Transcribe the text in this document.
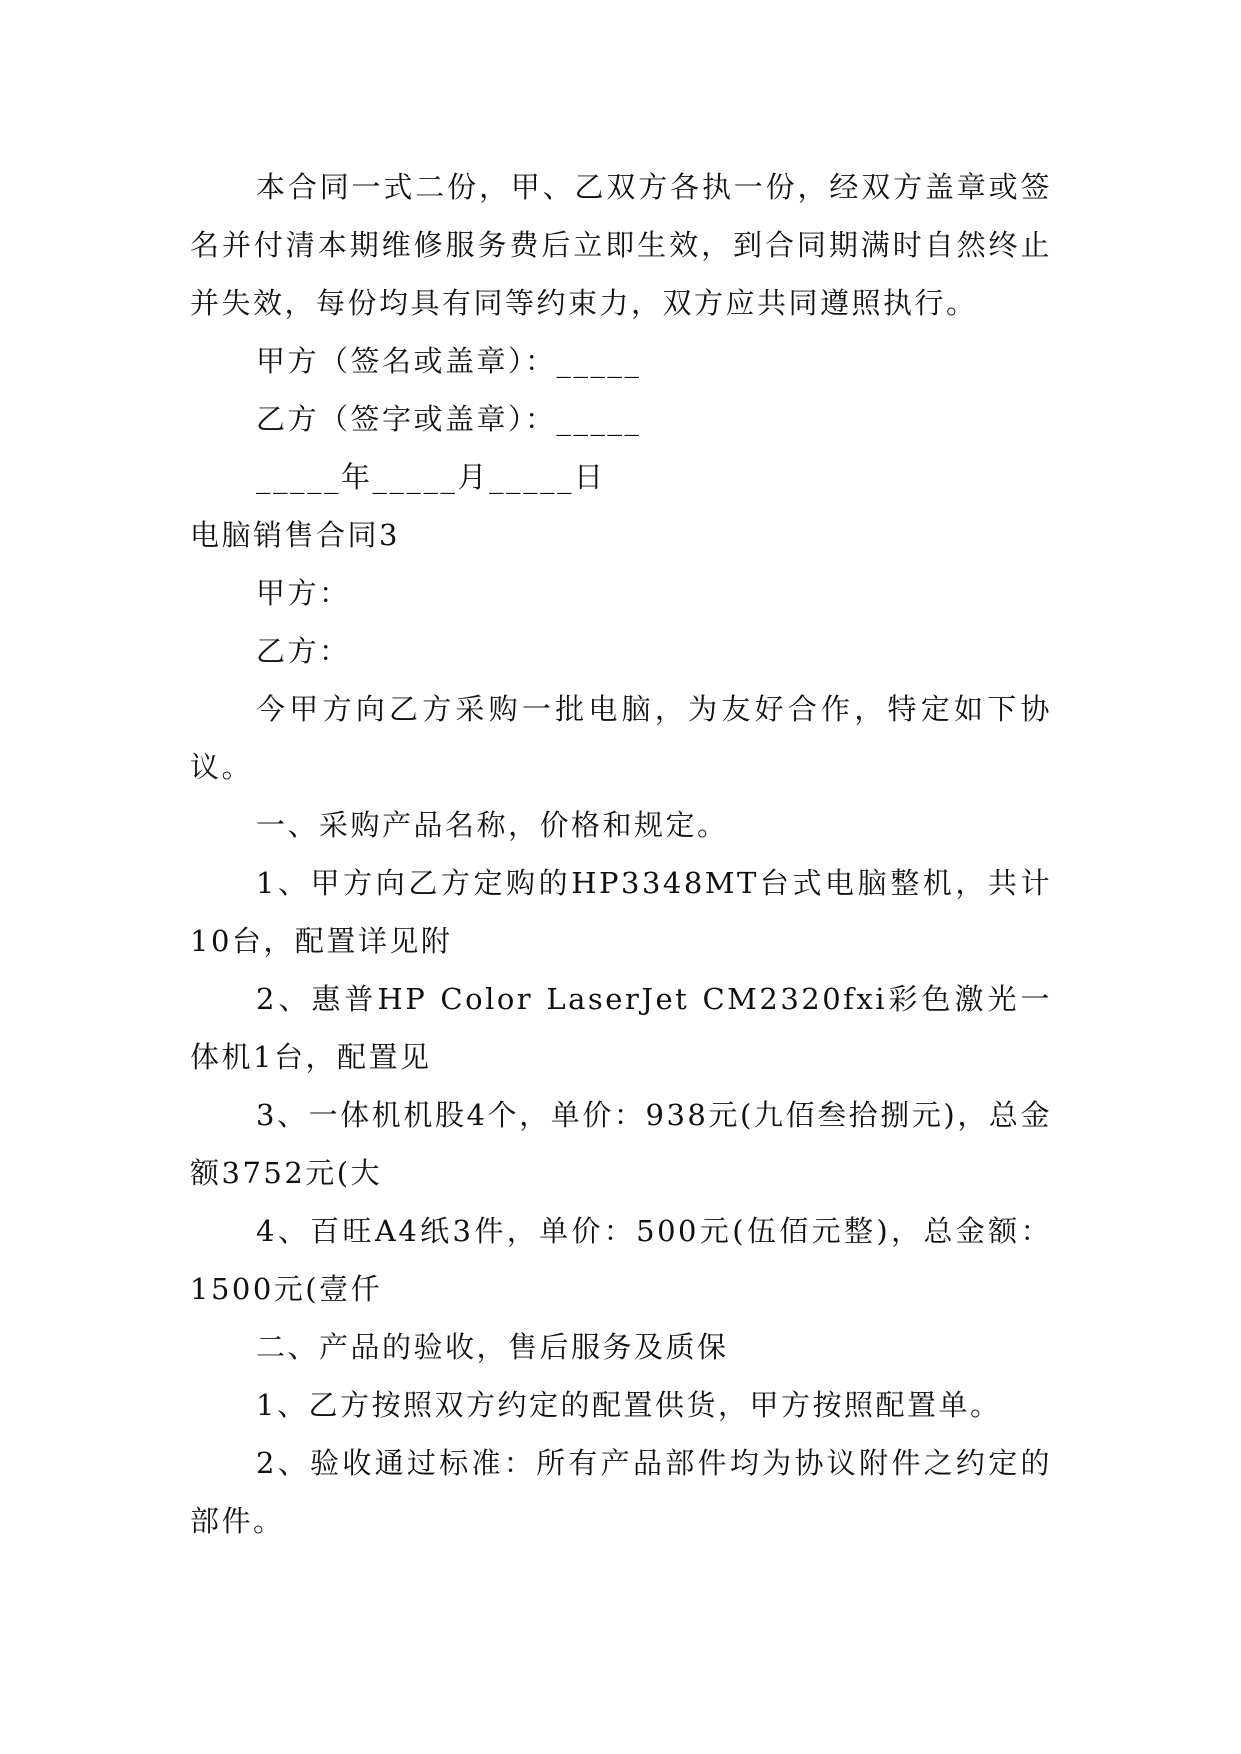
本合同一式二份，甲、乙双方各执一份，经双方盖章或签名并付清本期维修服务费后立即生效，到合同期满时自然终止并失效，每份均具有同等约束力，双方应共同遵照执行。

甲方（签名或盖章）：_____

乙方（签字或盖章）：_____

_____年_____月_____日

电脑销售合同3

甲方：

乙方：

今甲方向乙方采购一批电脑，为友好合作，特定如下协议。

一、采购产品名称，价格和规定。

1、甲方向乙方定购的HP3348MT台式电脑整机，共计10台，配置详见附

2、惠普HP Color LaserJet CM2320fxi彩色激光一体机1台，配置见

3、一体机机股4个，单价：938元(九佰叁拾捌元)，总金额3752元(大

4、百旺A4纸3件，单价：500元(伍佰元整)，总金额：1500元(壹仟

二、产品的验收，售后服务及质保

1、乙方按照双方约定的配置供货，甲方按照配置单。

2、验收通过标准：所有产品部件均为协议附件之约定的部件。
